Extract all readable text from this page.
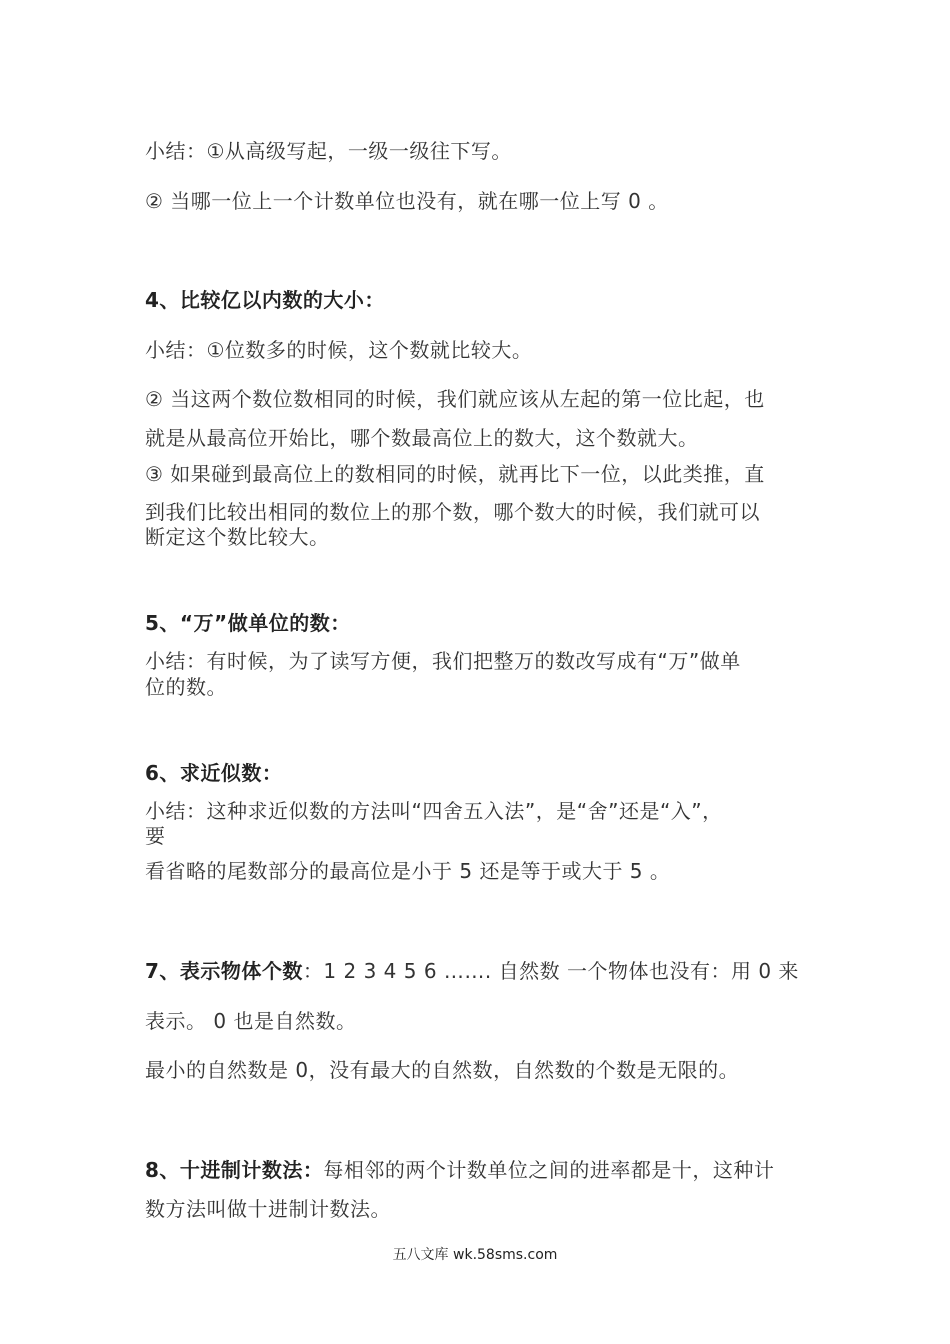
小结：①从高级写起，一级一级往下写。
② 当哪一位上一个计数单位也没有，就在哪一位上写 0 。
4、比较亿以内数的大小：
小结：①位数多的时候，这个数就比较大。
② 当这两个数位数相同的时候，我们就应该从左起的第一位比起，也
就是从最高位开始比，哪个数最高位上的数大，这个数就大。
③ 如果碰到最高位上的数相同的时候，就再比下一位，以此类推，直
到我们比较出相同的数位上的那个数，哪个数大的时候，我们就可以
断定这个数比较大。
5、“万”做单位的数：
小结：有时候，为了读写方便，我们把整万的数改写成有“万”做单
位的数。
6、求近似数：
小结：这种求近似数的方法叫“四舍五入法”，是“舍”还是“入”，
要
看省略的尾数部分的最高位是小于 5 还是等于或大于 5 。
7、表示物体个数：1 2 3 4 5 6 ……. 自然数 一个物体也没有：用 0 来
表示。 0 也是自然数。
最小的自然数是 0，没有最大的自然数，自然数的个数是无限的。
8、十进制计数法：每相邻的两个计数单位之间的进率都是十，这种计
数方法叫做十进制计数法。
五八文库 wk.58sms.com
